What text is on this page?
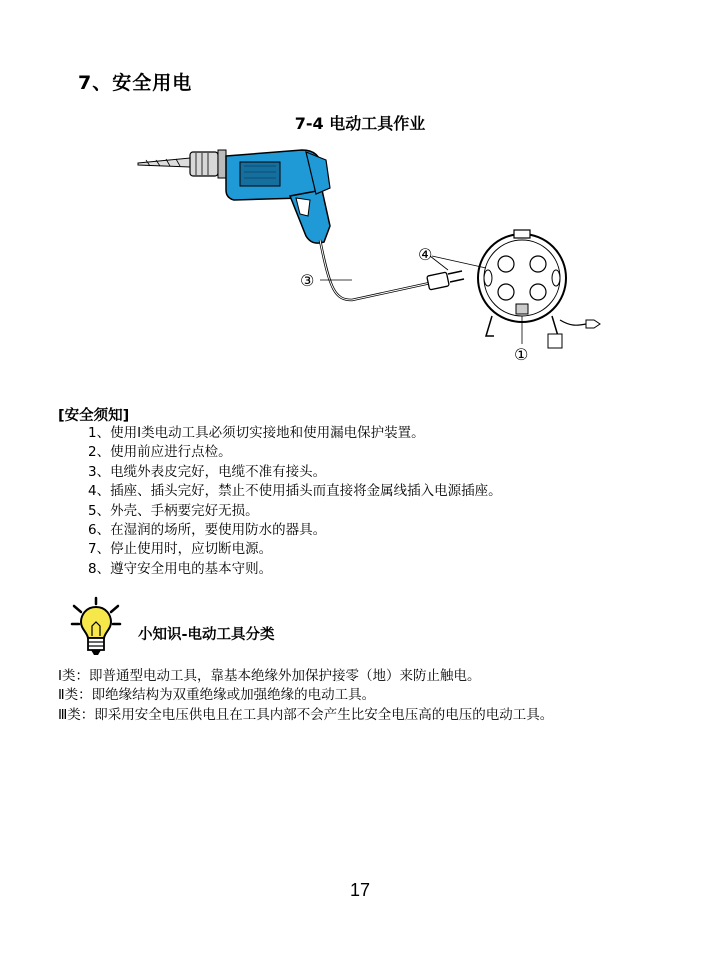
7、安全用电
7-4 电动工具作业
④
③
①
[安全须知]
1、使用Ⅰ类电动工具必须切实接地和使用漏电保护装置。
2、使用前应进行点检。
3、电缆外表皮完好，电缆不准有接头。
4、插座、插头完好，禁止不使用插头而直接将金属线插入电源插座。
5、外壳、手柄要完好无损。
6、在湿润的场所，要使用防水的器具。
7、停止使用时，应切断电源。
8、遵守安全用电的基本守则。
小知识-电动工具分类
Ⅰ类：即普通型电动工具，靠基本绝缘外加保护接零（地）来防止触电。
Ⅱ类：即绝缘结构为双重绝缘或加强绝缘的电动工具。
Ⅲ类：即采用安全电压供电且在工具内部不会产生比安全电压高的电压的电动工具。
17
